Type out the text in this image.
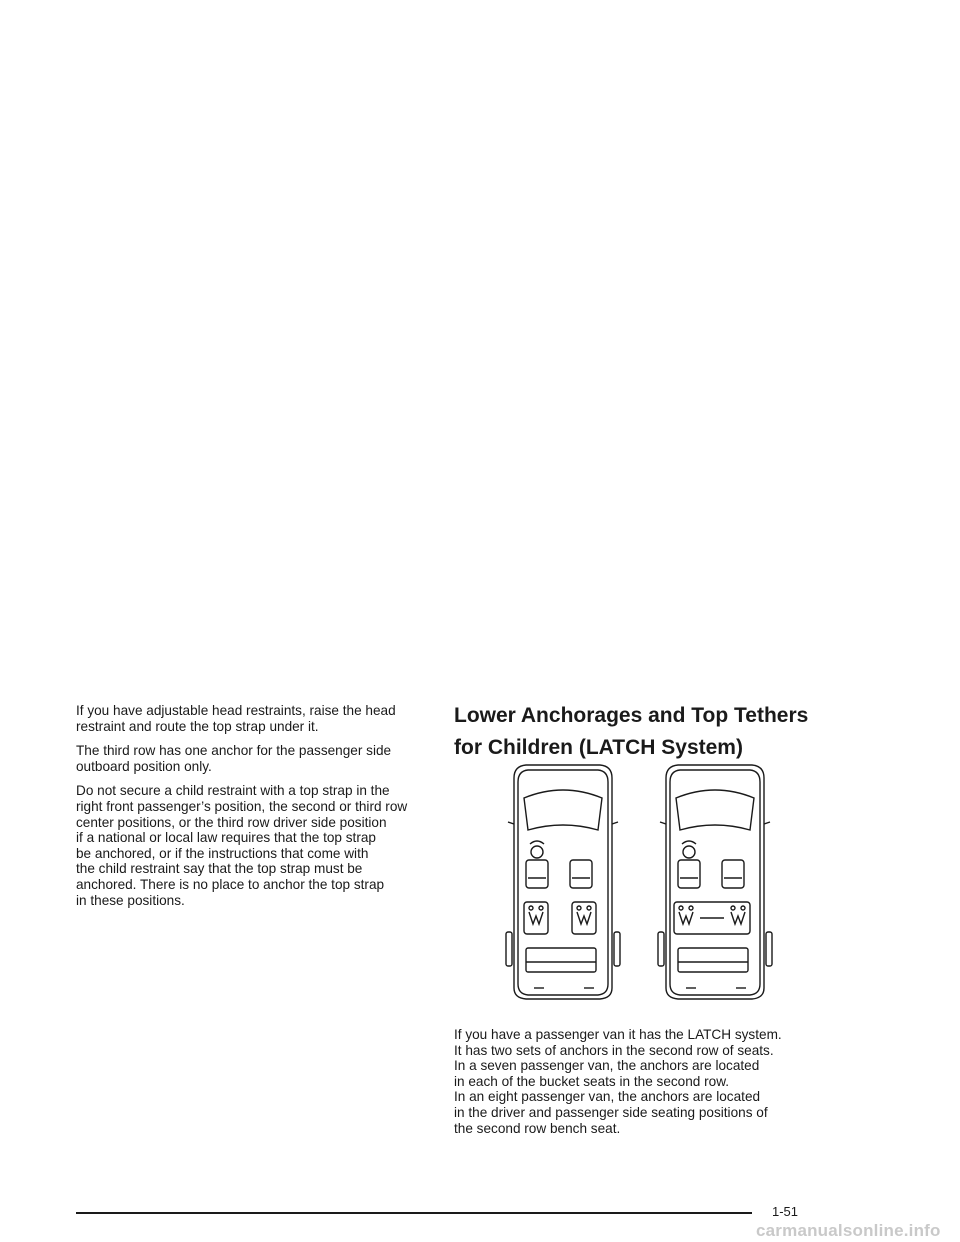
If you have adjustable head restraints, raise the head
restraint and route the top strap under it.

The third row has one anchor for the passenger side
outboard position only.

Do not secure a child restraint with a top strap in the
right front passenger’s position, the second or third row
center positions, or the third row driver side position
if a national or local law requires that the top strap
be anchored, or if the instructions that come with
the child restraint say that the top strap must be
anchored. There is no place to anchor the top strap
in these positions.

Lower Anchorages and Top Tethers
for Children (LATCH System)

If you have a passenger van it has the LATCH system.
It has two sets of anchors in the second row of seats.
In a seven passenger van, the anchors are located
in each of the bucket seats in the second row.
In an eight passenger van, the anchors are located
in the driver and passenger side seating positions of
the second row bench seat.

1-51
carmanualsonline.info
